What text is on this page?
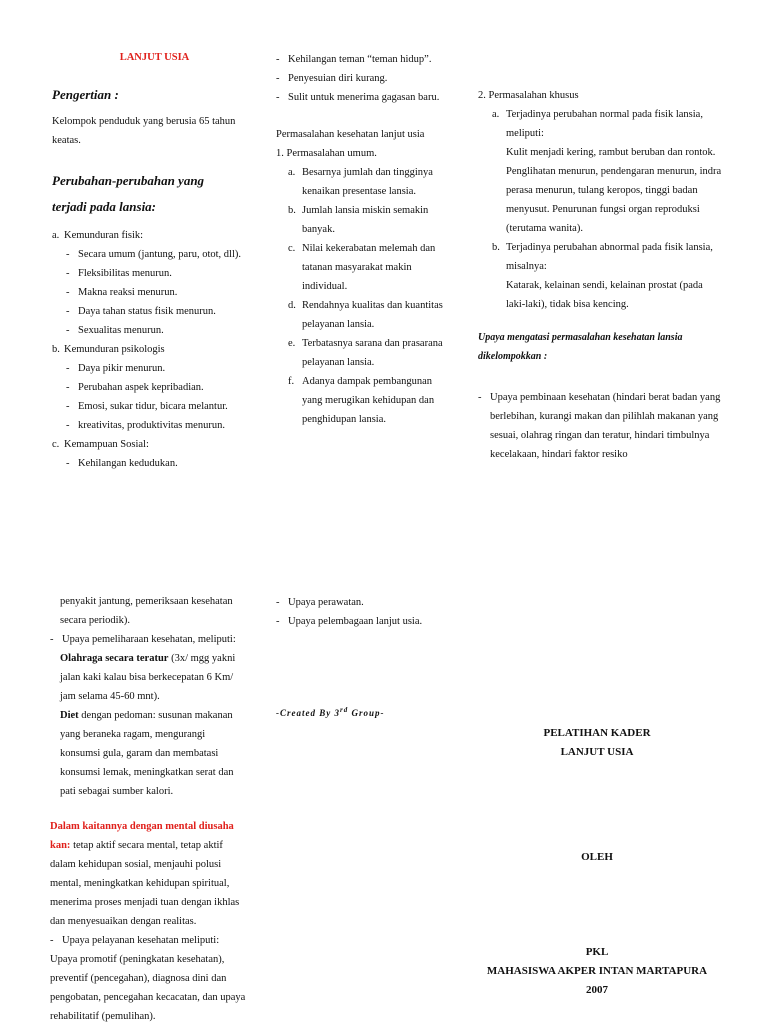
LANJUT USIA

Pengertian :

Kelompok penduduk yang berusia 65 tahun keatas.

Perubahan-perubahan yang

terjadi pada lansia:

a. Kemunduran fisik:
- Secara umum (jantung, paru, otot, dll).
- Fleksibilitas menurun.
- Makna reaksi menurun.
- Daya tahan status fisik menurun.
- Sexualitas menurun.
b. Kemunduran psikologis
- Daya pikir menurun.
- Perubahan aspek kepribadian.
- Emosi, sukar tidur, bicara melantur.
- kreativitas, produktivitas menurun.
c. Kemampuan Sosial:
- Kehilangan kedudukan.
- Kehilangan teman “teman hidup”.
- Penyesuian diri kurang.
- Sulit untuk menerima gagasan baru.

Permasalahan kesehatan lanjut usia

1. Permasalahan umum.

a. Besarnya jumlah dan tingginya kenaikan presentase lansia.
b. Jumlah lansia miskin semakin banyak.
c. Nilai kekerabatan melemah dan tatanan masyarakat makin individual.
d. Rendahnya kualitas dan kuantitas pelayanan lansia.
e. Terbatasnya sarana dan prasarana pelayanan lansia.
f. Adanya dampak pembangunan yang merugikan kehidupan dan penghidupan lansia.

2. Permasalahan khusus

a. Terjadinya perubahan normal pada fisik lansia, meliputi:

Kulit menjadi kering, rambut beruban dan rontok. Penglihatan menurun, pendengaran menurun, indra perasa menurun, tulang keropos, tinggi badan menyusut. Penurunan fungsi organ reproduksi (terutama wanita).

b. Terjadinya perubahan abnormal pada fisik lansia, misalnya:

Katarak, kelainan sendi, kelainan prostat (pada laki-laki), tidak bisa kencing.

Upaya mengatasi permasalahan kesehatan lansia dikelompokkan :

- Upaya pembinaan kesehatan (hindari berat badan yang berlebihan, kurangi makan dan pilihlah makanan yang sesuai, olahrag ringan dan teratur, hindari timbulnya kecelakaan, hindari faktor resiko

penyakit jantung, pemeriksaan kesehatan secara periodik).

- Upaya pemeliharaan kesehatan, meliputi:

Olahraga secara teratur (3x/ mgg yakni jalan kaki kalau bisa berkecepatan 6 Km/ jam selama 45-60 mnt).

Diet dengan pedoman: susunan makanan yang beraneka ragam, mengurangi konsumsi gula, garam dan membatasi konsumsi lemak, meningkatkan serat dan pati sebagai sumber kalori.

Dalam kaitannya dengan mental diusaha kan: tetap aktif secara mental, tetap aktif dalam kehidupan sosial, menjauhi polusi mental, meningkatkan kehidupan spiritual, menerima proses menjadi tuan dengan ikhlas dan menyesuaikan dengan realitas.

- Upaya pelayanan kesehatan meliputi:

Upaya promotif (peningkatan kesehatan), preventif (pencegahan), diagnosa dini dan pengobatan, pencegahan kecacatan, dan upaya rehabilitatif (pemulihan).

- Upaya perawatan.
- Upaya pelembagaan lanjut usia.

-Created By 3rd Group-

PELATIHAN KADER

LANJUT USIA

OLEH

PKL

MAHASISWA AKPER INTAN MARTAPURA

2007
